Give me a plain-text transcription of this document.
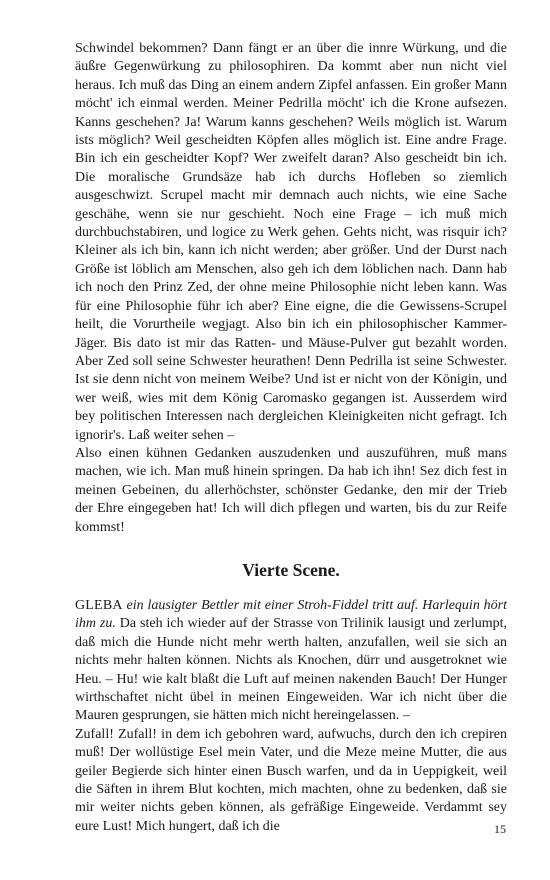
Schwindel bekommen? Dann fängt er an über die innre Würkung, und die äußre Gegenwürkung zu philosophiren. Da kommt aber nun nicht viel heraus. Ich muß das Ding an einem andern Zipfel anfassen. Ein großer Mann möcht' ich einmal werden. Meiner Pedrilla möcht' ich die Krone aufsezen. Kanns geschehen? Ja! Warum kanns geschehen? Weils möglich ist. Warum ists möglich? Weil gescheidten Köpfen alles möglich ist. Eine andre Frage. Bin ich ein gescheidter Kopf? Wer zweifelt daran? Also gescheidt bin ich. Die moralische Grundsäze hab ich durchs Hofleben so ziemlich ausgeschwizt. Scrupel macht mir demnach auch nichts, wie eine Sache geschähe, wenn sie nur geschieht. Noch eine Frage – ich muß mich durchbuchstabiren, und logice zu Werk gehen. Gehts nicht, was risquir ich? Kleiner als ich bin, kann ich nicht werden; aber größer. Und der Durst nach Größe ist löblich am Menschen, also geh ich dem löblichen nach. Dann hab ich noch den Prinz Zed, der ohne meine Philosophie nicht leben kann. Was für eine Philosophie führ ich aber? Eine eigne, die die Gewissens-Scrupel heilt, die Vorurtheile wegjagt. Also bin ich ein philosophischer Kammer- Jäger. Bis dato ist mir das Ratten- und Mäuse-Pulver gut bezahlt worden. Aber Zed soll seine Schwester heurathen! Denn Pedrilla ist seine Schwester. Ist sie denn nicht von meinem Weibe? Und ist er nicht von der Königin, und wer weiß, wies mit dem König Caromasko gegangen ist. Ausserdem wird bey politischen Interessen nach dergleichen Kleinigkeiten nicht gefragt. Ich ignorir's. Laß weiter sehen –

Also einen kühnen Gedanken auszudenken und auszuführen, muß mans machen, wie ich. Man muß hinein springen. Da hab ich ihn! Sez dich fest in meinen Gebeinen, du allerhöchster, schönster Gedanke, den mir der Trieb der Ehre eingegeben hat! Ich will dich pflegen und warten, bis du zur Reife kommst!

Vierte Scene.

GLEBA ein lausigter Bettler mit einer Stroh-Fiddel tritt auf. Harlequin hört ihm zu. Da steh ich wieder auf der Strasse von Trilinik lausigt und zerlumpt, daß mich die Hunde nicht mehr werth halten, anzufallen, weil sie sich an nichts mehr halten können. Nichts als Knochen, dürr und ausgetroknet wie Heu. – Hu! wie kalt blaßt die Luft auf meinen nakenden Bauch! Der Hunger wirthschaftet nicht übel in meinen Eingeweiden. War ich nicht über die Mauren gesprungen, sie hätten mich nicht hereingelassen. –

Zufall! Zufall! in dem ich gebohren ward, aufwuchs, durch den ich crepiren muß! Der wollüstige Esel mein Vater, und die Meze meine Mutter, die aus geiler Begierde sich hinter einen Busch warfen, und da in Ueppigkeit, weil die Säften in ihrem Blut kochten, mich machten, ohne zu bedenken, daß sie mir weiter nichts geben können, als gefräßige Eingeweide. Verdammt sey eure Lust! Mich hungert, daß ich die	15
